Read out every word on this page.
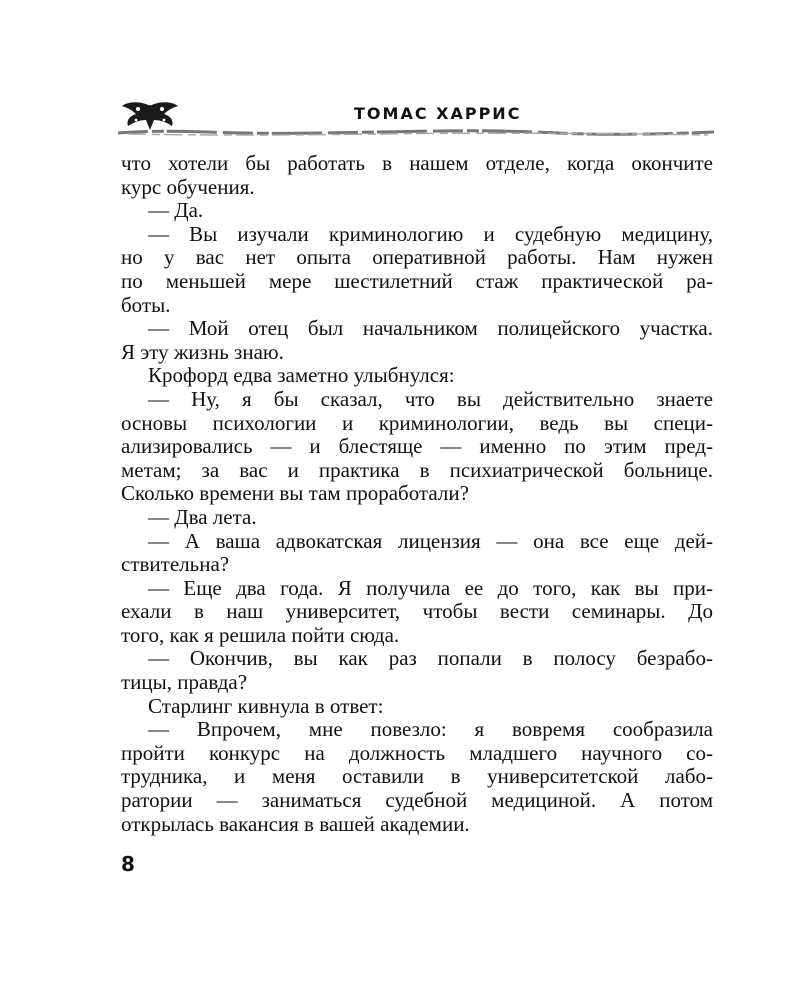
ТОМАС ХАРРИС
что хотели бы работать в нашем отделе, когда окончите
курс обучения.
— Да.
— Вы изучали криминологию и судебную медицину,
но у вас нет опыта оперативной работы. Нам нужен
по меньшей мере шестилетний стаж практической ра-
боты.
— Мой отец был начальником полицейского участка.
Я эту жизнь знаю.
Крофорд едва заметно улыбнулся:
— Ну, я бы сказал, что вы действительно знаете
основы психологии и криминологии, ведь вы специ-
ализировались — и блестяще — именно по этим пред-
метам; за вас и практика в психиатрической больнице.
Сколько времени вы там проработали?
— Два лета.
— А ваша адвокатская лицензия — она все еще дей-
ствительна?
— Еще два года. Я получила ее до того, как вы при-
ехали в наш университет, чтобы вести семинары. До
того, как я решила пойти сюда.
— Окончив, вы как раз попали в полосу безрабо-
тицы, правда?
Старлинг кивнула в ответ:
— Впрочем, мне повезло: я вовремя сообразила
пройти конкурс на должность младшего научного со-
трудника, и меня оставили в университетской лабо-
ратории — заниматься судебной медициной. А потом
открылась вакансия в вашей академии.
8
